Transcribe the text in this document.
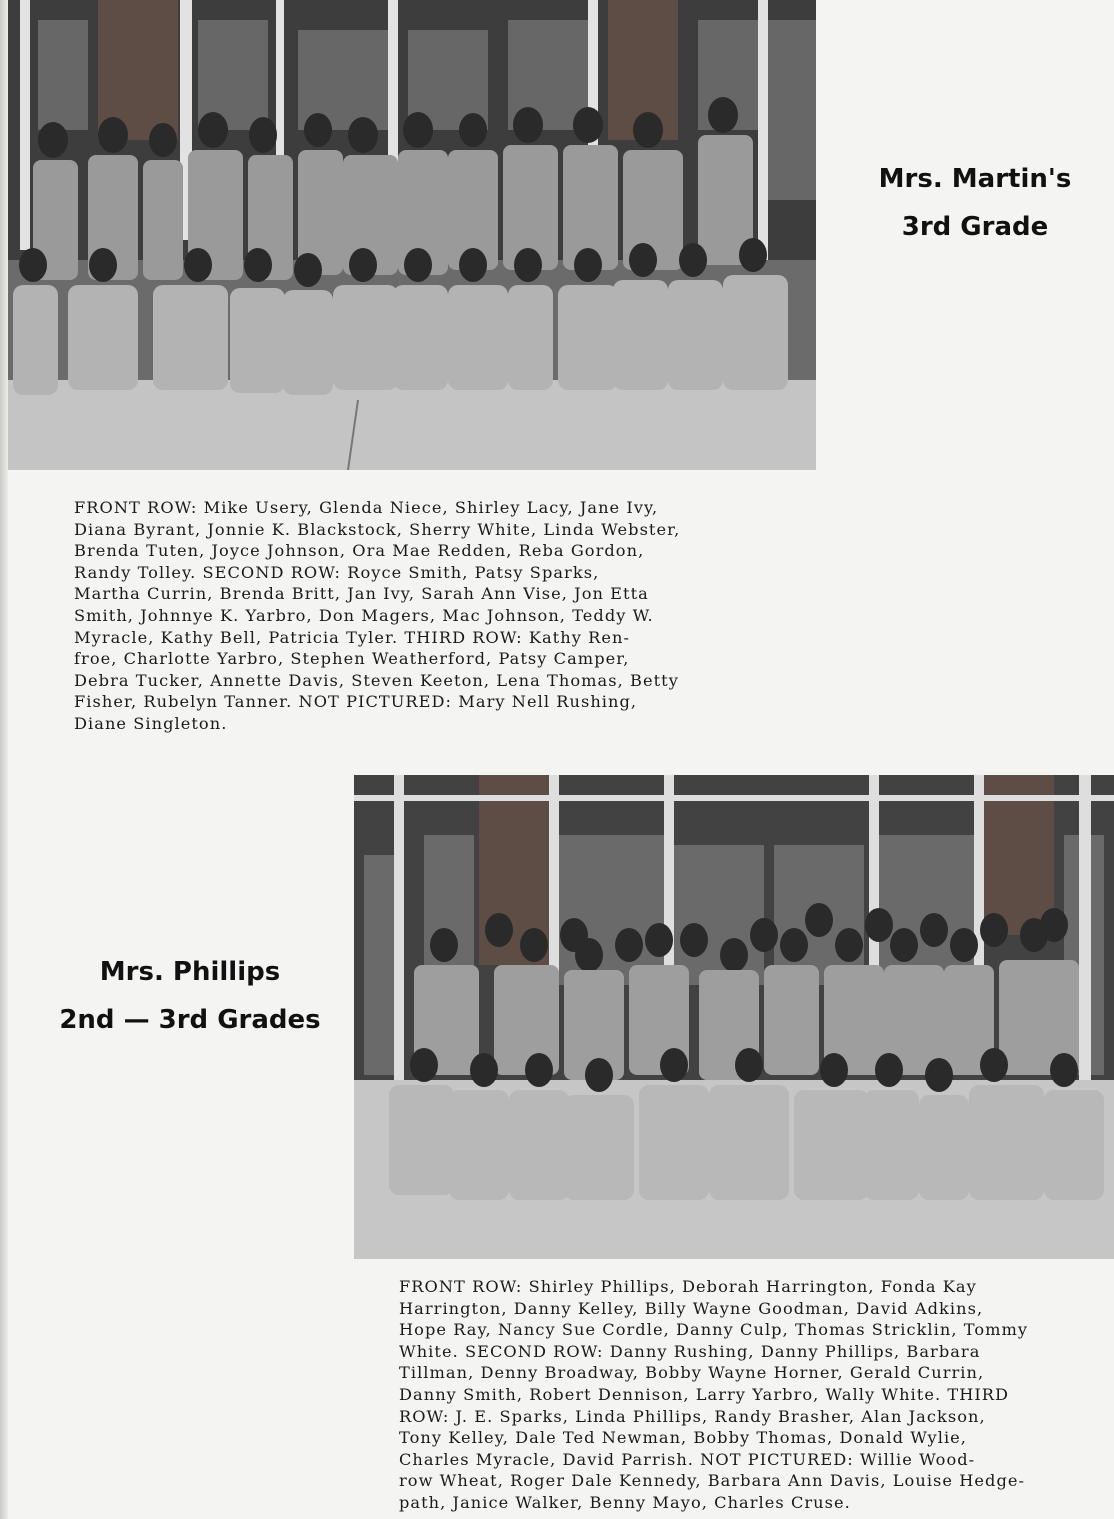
Mrs. Martin's
3rd Grade
FRONT ROW: Mike Usery, Glenda Niece, Shirley Lacy, Jane Ivy,
Diana Byrant, Jonnie K. Blackstock, Sherry White, Linda Webster,
Brenda Tuten, Joyce Johnson, Ora Mae Redden, Reba Gordon,
Randy Tolley. SECOND ROW: Royce Smith, Patsy Sparks,
Martha Currin, Brenda Britt, Jan Ivy, Sarah Ann Vise, Jon Etta
Smith, Johnnye K. Yarbro, Don Magers, Mac Johnson, Teddy W.
Myracle, Kathy Bell, Patricia Tyler. THIRD ROW: Kathy Ren-
froe, Charlotte Yarbro, Stephen Weatherford, Patsy Camper,
Debra Tucker, Annette Davis, Steven Keeton, Lena Thomas, Betty
Fisher, Rubelyn Tanner. NOT PICTURED: Mary Nell Rushing,
Diane Singleton.
Mrs. Phillips
2nd — 3rd Grades
FRONT ROW: Shirley Phillips, Deborah Harrington, Fonda Kay
Harrington, Danny Kelley, Billy Wayne Goodman, David Adkins,
Hope Ray, Nancy Sue Cordle, Danny Culp, Thomas Stricklin, Tommy
White. SECOND ROW: Danny Rushing, Danny Phillips, Barbara
Tillman, Denny Broadway, Bobby Wayne Horner, Gerald Currin,
Danny Smith, Robert Dennison, Larry Yarbro, Wally White. THIRD
ROW: J. E. Sparks, Linda Phillips, Randy Brasher, Alan Jackson,
Tony Kelley, Dale Ted Newman, Bobby Thomas, Donald Wylie,
Charles Myracle, David Parrish. NOT PICTURED: Willie Wood-
row Wheat, Roger Dale Kennedy, Barbara Ann Davis, Louise Hedge-
path, Janice Walker, Benny Mayo, Charles Cruse.
